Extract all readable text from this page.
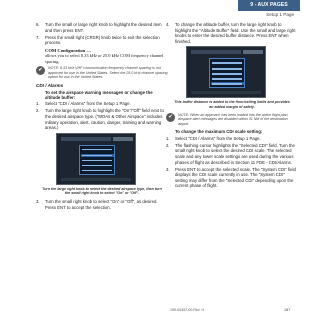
9 - AUX PAGES
Setup 1 Page
6.	Turn the small or large right knob to highlight the desired item and then press ENT.
7.	Press the small right (CRSR) knob twice to exit the selection process.
COM Configuration —
allows you to select 8.33 kHz or 25.0 kHz COM frequency channel spacing.
✔	NOTE: 8.33 kHz VHF communication frequency channel spacing is not approved for use in the United States. Select the 25.0 kHz channel spacing option for use in the United States.
CDI / Alarms
To set the airspace warning messages or change the altitude buffer:
1.	Select "CDI / Alarms" from the Setup 1 Page.
2.	Turn the large right knob to highlight the "On"/"Off" field next to the desired airspace type. ("MOAs & Other Airspace" includes military operation, alert, caution, danger, training and warning areas.)
Turn the large right knob to select the desired airspace type, then turn the small right knob to select "On" or "Off".
3.	Turn the small right knob to select "On" or "Off", as desired. Press ENT to accept the selection.
4.	To change the altitude buffer, turn the large right knob to highlight the "Altitude Buffer" field. Use the small and large right knobs to enter the desired buffer distance. Press ENT when finished.
This buffer distance is added to the floor/ceiling limits and provides an added margin of safety.
✔	NOTE: When an approach has been loaded into the active flight plan, airspace alert messages are disabled within 31 NM of the destination airport.
To change the maximum CDI scale setting:
1.	Select "CDI / Alarms" from the Setup 1 Page.
2.	The flashing cursor highlights the "Selected CDI" field. Turn the small right knob to select the desired CDI scale. The selected scale and any lower scale settings are used during the various phases of flight as described in Section 11 FDE - CDI/Alarms.
3.	Press ENT to accept the selected scale. The "System CDI" field displays the CDI scale currently in use. The "System CDI" setting may differ from the "Selected CDI" depending upon the current phase of flight.
190-00357-00 Rev. H	187
